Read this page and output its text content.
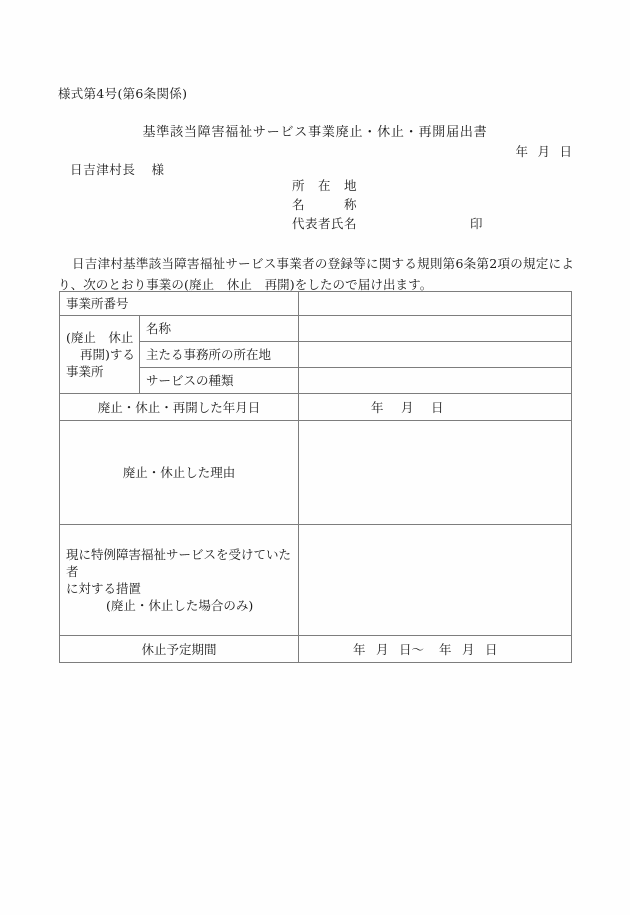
様式第4号(第6条関係)
基準該当障害福祉サービス事業廃止・休止・再開届出書
年 月 日
日吉津村長 様
所　在　地
名　　　称
代表者氏名	印
日吉津村基準該当障害福祉サービス事業者の登録等に関する規則第6条第2項の規定により、次のとおり事業の(廃止　休止　再開)をしたので届け出ます。
事業所番号		

(廃止　休止
再開)する
事業所	名称	
	主たる事務所の所在地	
	サービスの種類	
廃止・休止・再開した年月日		年 月 日

廃止・休止した理由		

現に特例障害福祉サービスを受けていた者
に対する措置
(廃止・休止した場合のみ)		

休止予定期間		年 月 日〜 年 月 日
